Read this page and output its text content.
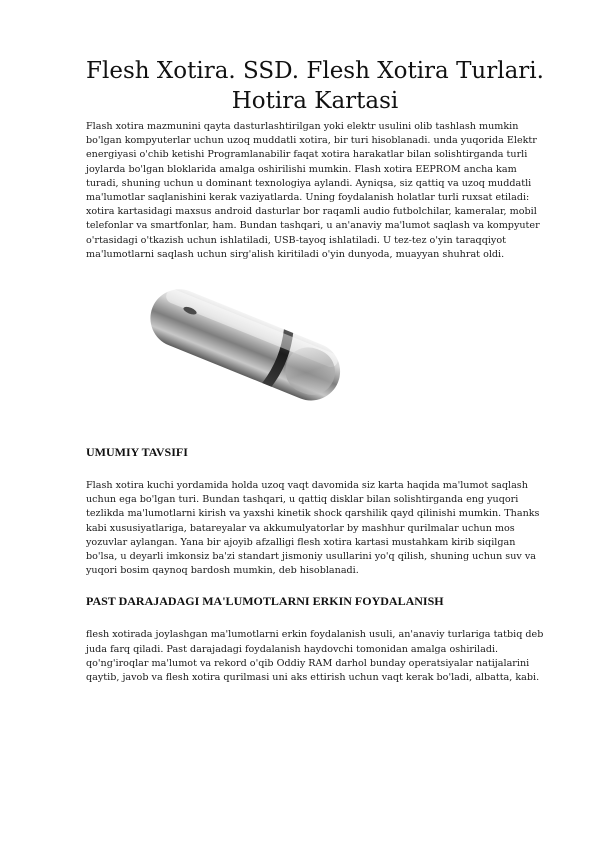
Flesh Xotira. SSD. Flesh Xotira Turlari. Hotira Kartasi

Flash xotira mazmunini qayta dasturlashtirilgan yoki elektr usulini olib tashlash mumkin bo'lgan kompyuterlar uchun uzoq muddatli xotira, bir turi hisoblanadi. unda yuqorida Elektr energiyasi o'chib ketishi Programlanabilir faqat xotira harakatlar bilan solishtirganda turli joylarda bo'lgan bloklarida amalga oshirilishi mumkin. Flash xotira EEPROM ancha kam turadi, shuning uchun u dominant texnologiya aylandi. Ayniqsa, siz qattiq va uzoq muddatli ma'lumotlar saqlanishini kerak vaziyatlarda. Uning foydalanish holatlar turli ruxsat etiladi: xotira kartasidagi maxsus android dasturlar bor raqamli audio futbolchilar, kameralar, mobil telefonlar va smartfonlar, ham. Bundan tashqari, u an'anaviy ma'lumot saqlash va kompyuter o'rtasidagi o'tkazish uchun ishlatiladi, USB-tayoq ishlatiladi. U tez-tez o'yin taraqqiyot ma'lumotlarni saqlash uchun sirg'alish kiritiladi o'yin dunyoda, muayyan shuhrat oldi.

UMUMIY TAVSIFI

Flash xotira kuchi yordamida holda uzoq vaqt davomida siz karta haqida ma'lumot saqlash uchun ega bo'lgan turi. Bundan tashqari, u qattiq disklar bilan solishtirganda eng yuqori tezlikda ma'lumotlarni kirish va yaxshi kinetik shock qarshilik qayd qilinishi mumkin. Thanks kabi xususiyatlariga, batareyalar va akkumulyatorlar by mashhur qurilmalar uchun mos yozuvlar aylangan. Yana bir ajoyib afzalligi flesh xotira kartasi mustahkam kirib siqilgan bo'lsa, u deyarli imkonsiz ba'zi standart jismoniy usullarini yo'q qilish, shuning uchun suv va yuqori bosim qaynoq bardosh mumkin, deb hisoblanadi.

PAST DARAJADAGI MA'LUMOTLARNI ERKIN FOYDALANISH

flesh xotirada joylashgan ma'lumotlarni erkin foydalanish usuli, an'anaviy turlariga tatbiq deb juda farq qiladi. Past darajadagi foydalanish haydovchi tomonidan amalga oshiriladi. qo'ng'iroqlar ma'lumot va rekord o'qib Oddiy RAM darhol bunday operatsiyalar natijalarini qaytib, javob va flesh xotira qurilmasi uni aks ettirish uchun vaqt kerak bo'ladi, albatta, kabi.
